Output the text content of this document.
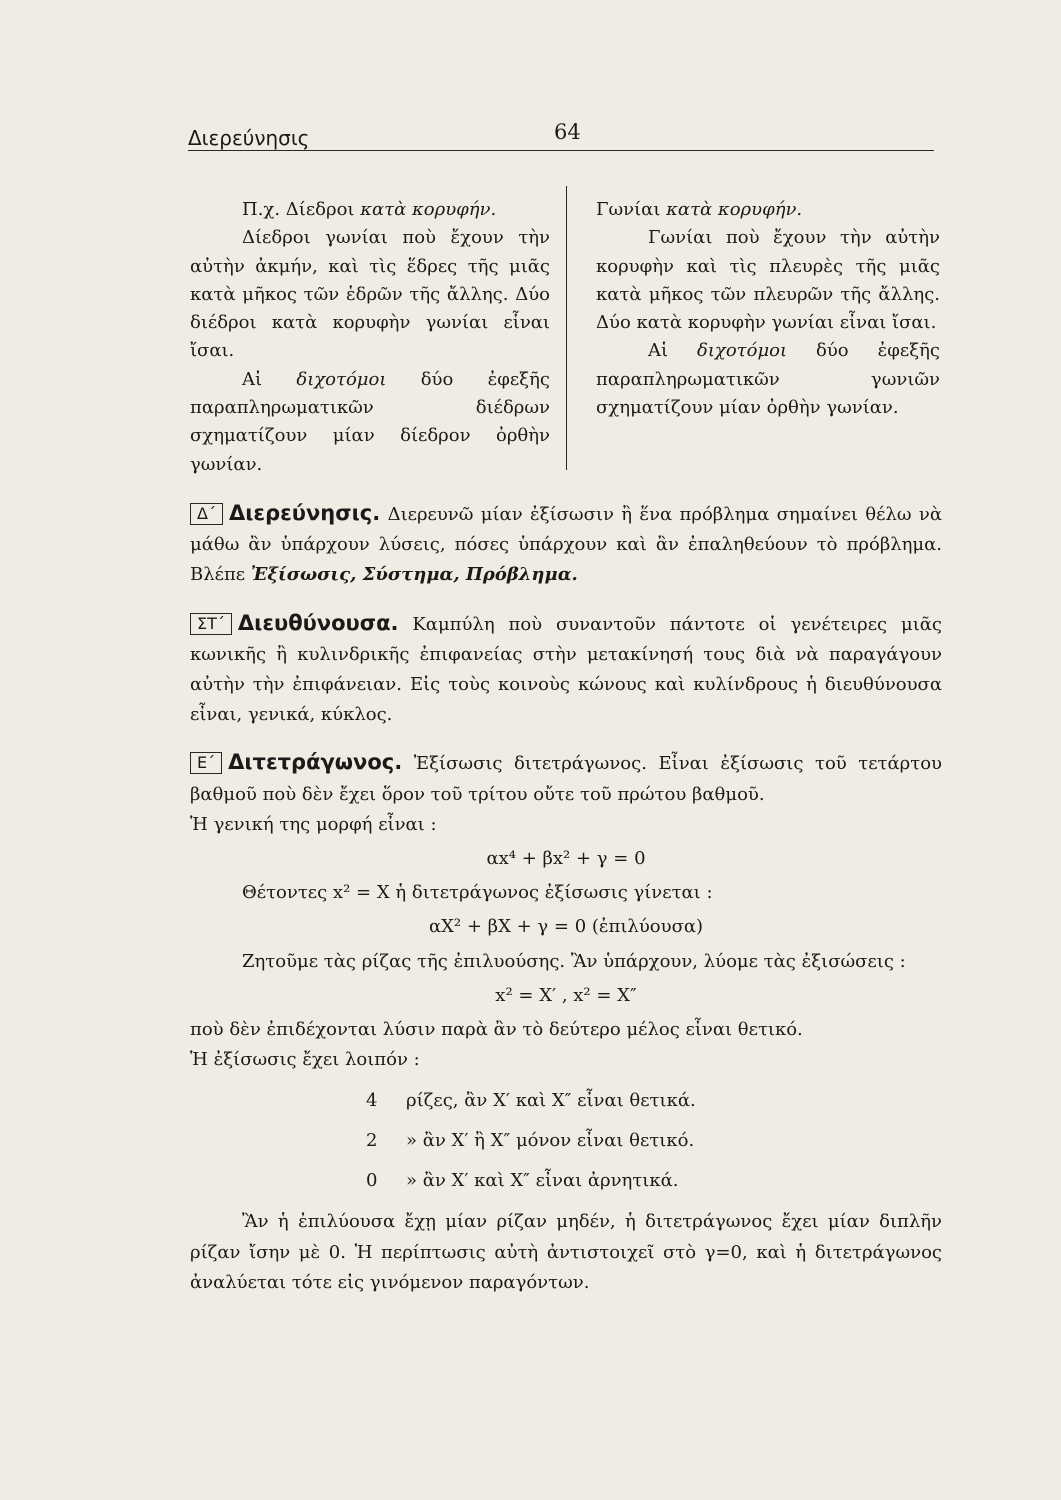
Διερεύνησις	64

Π.χ. Δίεδροι κατὰ κορυφήν.

Δίεδροι γωνίαι ποὺ ἔχουν τὴν αὐτὴν ἀκμήν, καὶ τὶς ἕδρες τῆς μιᾶς κατὰ μῆκος τῶν ἑδρῶν τῆς ἄλλης. Δύο διέδροι κατὰ κορυφὴν γωνίαι εἶναι ἴσαι.

Αἱ διχοτόμοι δύο ἐφεξῆς παραπληρωματικῶν διέδρων σχηματίζουν μίαν δίεδρον ὀρθὴν γωνίαν.

Γωνίαι κατὰ κορυφήν.

Γωνίαι ποὺ ἔχουν τὴν αὐτὴν κορυφὴν καὶ τὶς πλευρὲς τῆς μιᾶς κατὰ μῆκος τῶν πλευρῶν τῆς ἄλλης. Δύο κατὰ κορυφὴν γωνίαι εἶναι ἴσαι.

Αἱ διχοτόμοι δύο ἐφεξῆς παραπληρωματικῶν γωνιῶν σχηματίζουν μίαν ὀρθὴν γωνίαν.

Δ΄ Διερεύνησις. Διερευνῶ μίαν ἐξίσωσιν ἢ ἕνα πρόβλημα σημαίνει θέλω νὰ μάθω ἂν ὑπάρχουν λύσεις, πόσες ὑπάρχουν καὶ ἂν ἐπαληθεύουν τὸ πρόβλημα. Βλέπε Ἐξίσωσις, Σύστημα, Πρόβλημα.

ΣΤ΄ Διευθύνουσα. Καμπύλη ποὺ συναντοῦν πάντοτε οἱ γενέτειρες μιᾶς κωνικῆς ἢ κυλινδρικῆς ἐπιφανείας στὴν μετακίνησή τους διὰ νὰ παραγάγουν αὐτὴν τὴν ἐπιφάνειαν. Εἰς τοὺς κοινοὺς κώνους καὶ κυλίνδρους ἡ διευθύνουσα εἶναι, γενικά, κύκλος.

Ε΄ Διτετράγωνος. Ἐξίσωσις διτετράγωνος. Εἶναι ἐξίσωσις τοῦ τετάρτου βαθμοῦ ποὺ δὲν ἔχει ὅρον τοῦ τρίτου οὔτε τοῦ πρώτου βαθμοῦ.

Ἡ γενική της μορφή εἶναι :

αx⁴ + βx² + γ = 0

Θέτοντες x² = X ἡ διτετράγωνος ἐξίσωσις γίνεται :

αX² + βX + γ = 0 (ἐπιλύουσα)

Ζητοῦμε τὰς ρίζας τῆς ἐπιλυούσης. Ἂν ὑπάρχουν, λύομε τὰς ἐξισώσεις :

x² = X′ , x² = X″

ποὺ δὲν ἐπιδέχονται λύσιν παρὰ ἂν τὸ δεύτερο μέλος εἶναι θετικό.

Ἡ ἐξίσωσις ἔχει λοιπόν :

4	ρίζες, ἂν X′ καὶ X″ εἶναι θετικά.
2	» ἂν X′ ἢ X″ μόνον εἶναι θετικό.
0	» ἂν X′ καὶ X″ εἶναι ἀρνητικά.

Ἂν ἡ ἐπιλύουσα ἔχῃ μίαν ρίζαν μηδέν, ἡ διτετράγωνος ἔχει μίαν διπλῆν ρίζαν ἴσην μὲ 0. Ἡ περίπτωσις αὐτὴ ἀντιστοιχεῖ στὸ γ=0, καὶ ἡ διτετράγωνος ἀναλύεται τότε εἰς γινόμενον παραγόντων.
